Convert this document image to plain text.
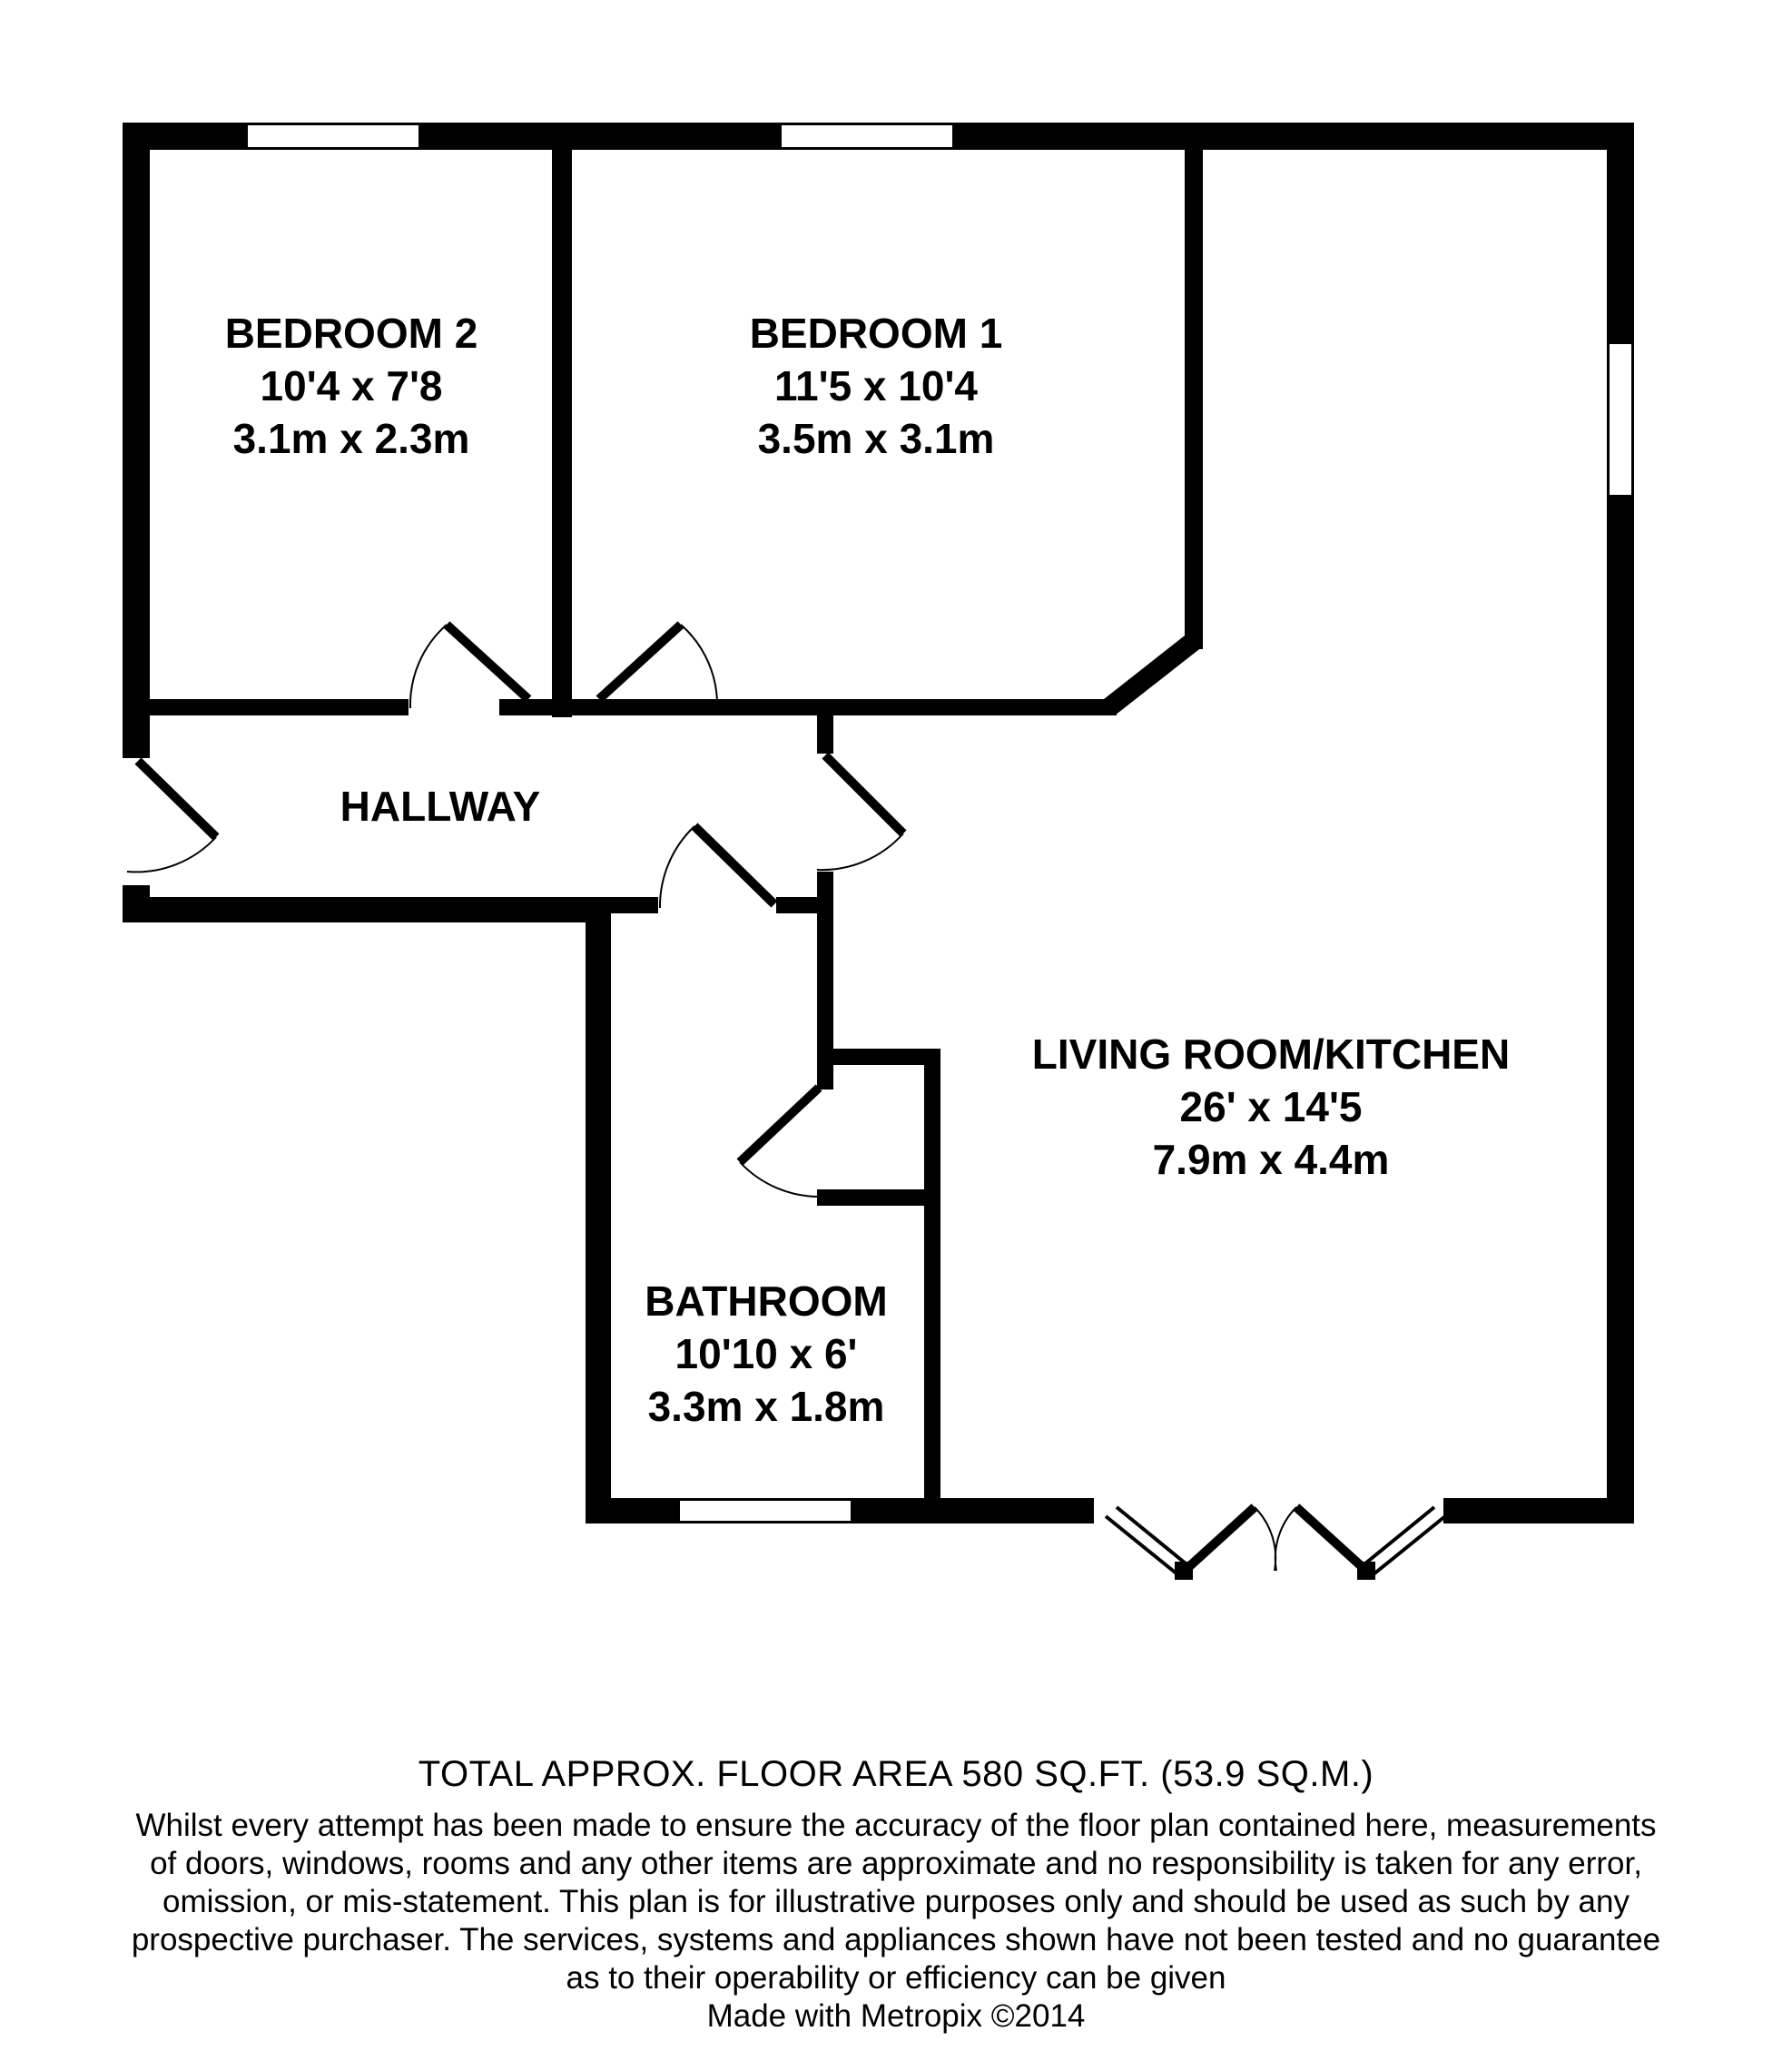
BEDROOM 2
10'4 x 7'8
3.1m x 2.3m
BEDROOM 1
11'5 x 10'4
3.5m x 3.1m
HALLWAY
LIVING ROOM/KITCHEN
26' x 14'5
7.9m x 4.4m
BATHROOM
10'10 x 6'
3.3m x 1.8m
TOTAL APPROX. FLOOR AREA 580 SQ.FT. (53.9 SQ.M.)
Whilst every attempt has been made to ensure the accuracy of the floor plan contained here, measurements
of doors, windows, rooms and any other items are approximate and no responsibility is taken for any error,
omission, or mis-statement. This plan is for illustrative purposes only and should be used as such by any
prospective purchaser. The services, systems and appliances shown have not been tested and no guarantee
as to their operability or efficiency can be given
Made with Metropix ©2014
